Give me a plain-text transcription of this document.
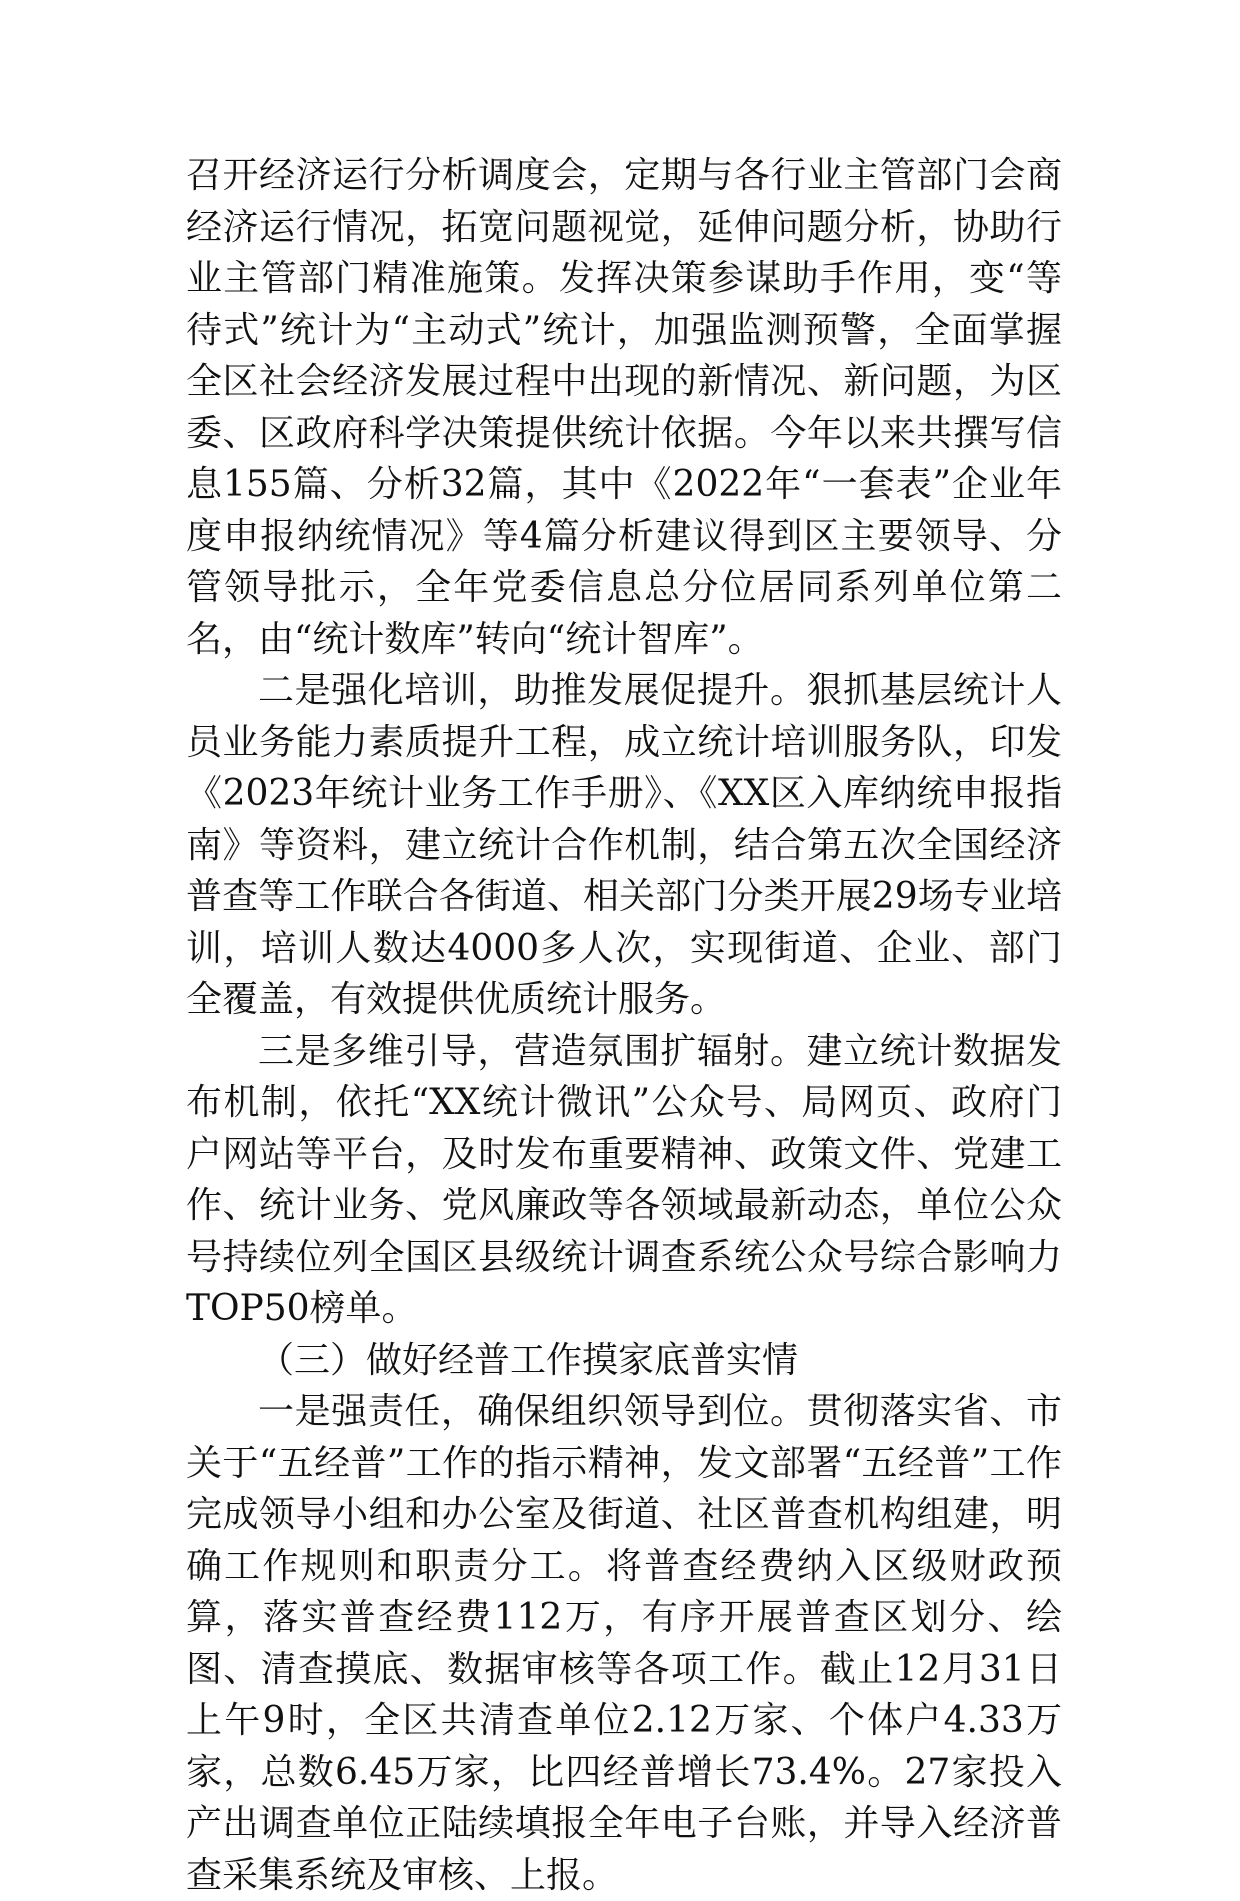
召开经济运行分析调度会，定期与各行业主管部门会商经济运行情况，拓宽问题视觉，延伸问题分析，协助行业主管部门精准施策。发挥决策参谋助手作用，变“等待式”统计为“主动式”统计，加强监测预警，全面掌握全区社会经济发展过程中出现的新情况、新问题，为区委、区政府科学决策提供统计依据。今年以来共撰写信息155篇、分析32篇，其中《2022年“一套表”企业年度申报纳统情况》等4篇分析建议得到区主要领导、分管领导批示，全年党委信息总分位居同系列单位第二名，由“统计数库”转向“统计智库”。

二是强化培训，助推发展促提升。狠抓基层统计人员业务能力素质提升工程，成立统计培训服务队，印发《2023年统计业务工作手册》、《XX区入库纳统申报指南》等资料，建立统计合作机制，结合第五次全国经济普查等工作联合各街道、相关部门分类开展29场专业培训，培训人数达4000多人次，实现街道、企业、部门全覆盖，有效提供优质统计服务。

三是多维引导，营造氛围扩辐射。建立统计数据发布机制，依托“XX统计微讯”公众号、局网页、政府门户网站等平台，及时发布重要精神、政策文件、党建工作、统计业务、党风廉政等各领域最新动态，单位公众号持续位列全国区县级统计调查系统公众号综合影响力TOP50榜单。

（三）做好经普工作摸家底普实情

一是强责任，确保组织领导到位。贯彻落实省、市关于“五经普”工作的指示精神，发文部署“五经普”工作完成领导小组和办公室及街道、社区普查机构组建，明确工作规则和职责分工。将普查经费纳入区级财政预算，落实普查经费112万，有序开展普查区划分、绘图、清查摸底、数据审核等各项工作。截止12月31日上午9时，全区共清查单位2.12万家、个体户4.33万家，总数6.45万家，比四经普增长73.4%。27家投入产出调查单位正陆续填报全年电子台账，并导入经济普查采集系统及审核、上报。
